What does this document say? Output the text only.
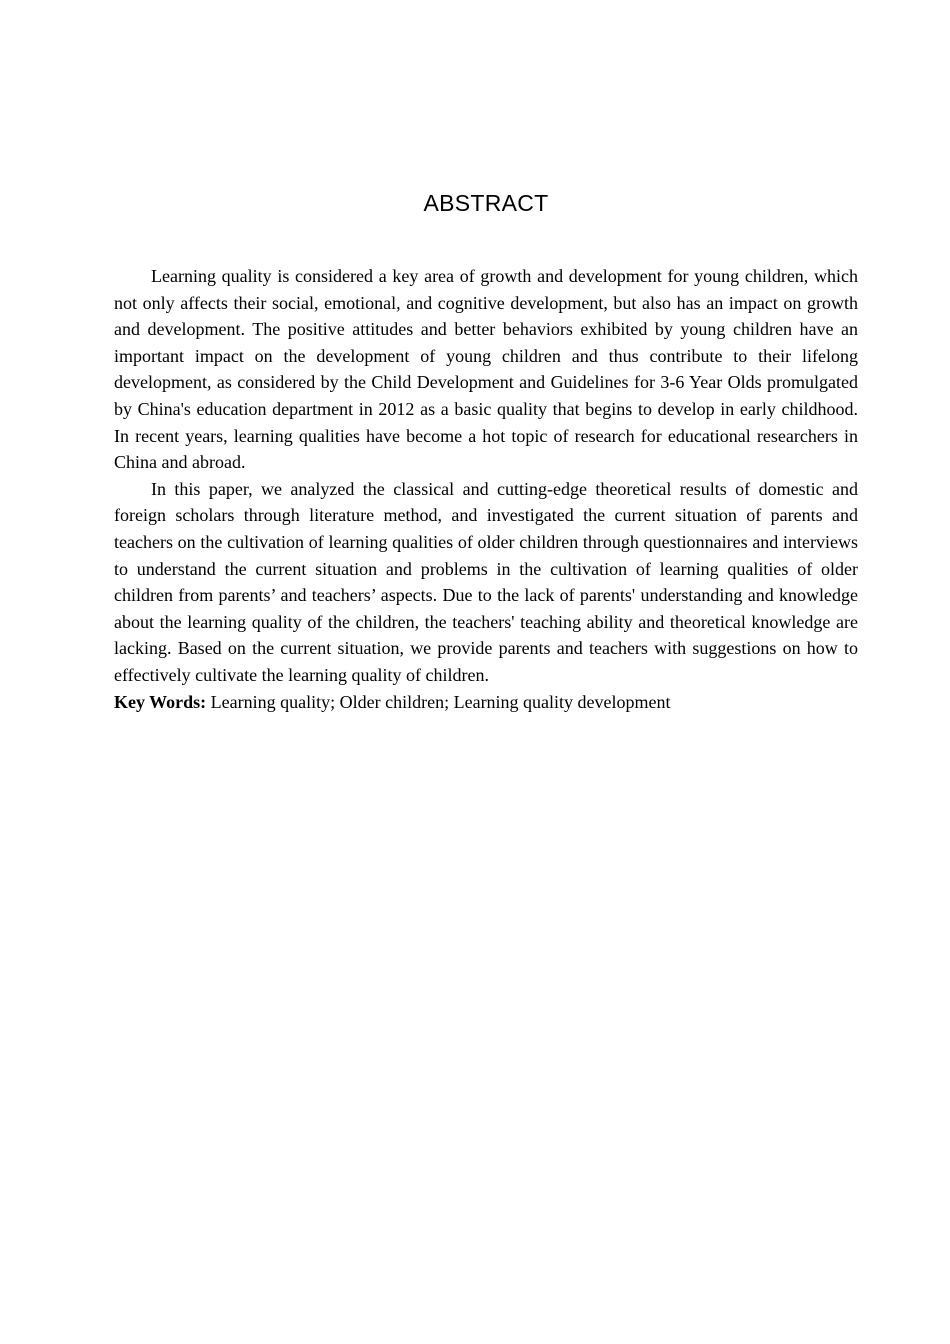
ABSTRACT

Learning quality is considered a key area of growth and development for young children, which not only affects their social, emotional, and cognitive development, but also has an impact on growth and development. The positive attitudes and better behaviors exhibited by young children have an important impact on the development of young children and thus contribute to their lifelong development, as considered by the Child Development and Guidelines for 3-6 Year Olds promulgated by China's education department in 2012 as a basic quality that begins to develop in early childhood. In recent years, learning qualities have become a hot topic of research for educational researchers in China and abroad.

In this paper, we analyzed the classical and cutting-edge theoretical results of domestic and foreign scholars through literature method, and investigated the current situation of parents and teachers on the cultivation of learning qualities of older children through questionnaires and interviews to understand the current situation and problems in the cultivation of learning qualities of older children from parents’ and teachers’ aspects. Due to the lack of parents' understanding and knowledge about the learning quality of the children, the teachers' teaching ability and theoretical knowledge are lacking. Based on the current situation, we provide parents and teachers with suggestions on how to effectively cultivate the learning quality of children.

Key Words: Learning quality; Older children; Learning quality development
